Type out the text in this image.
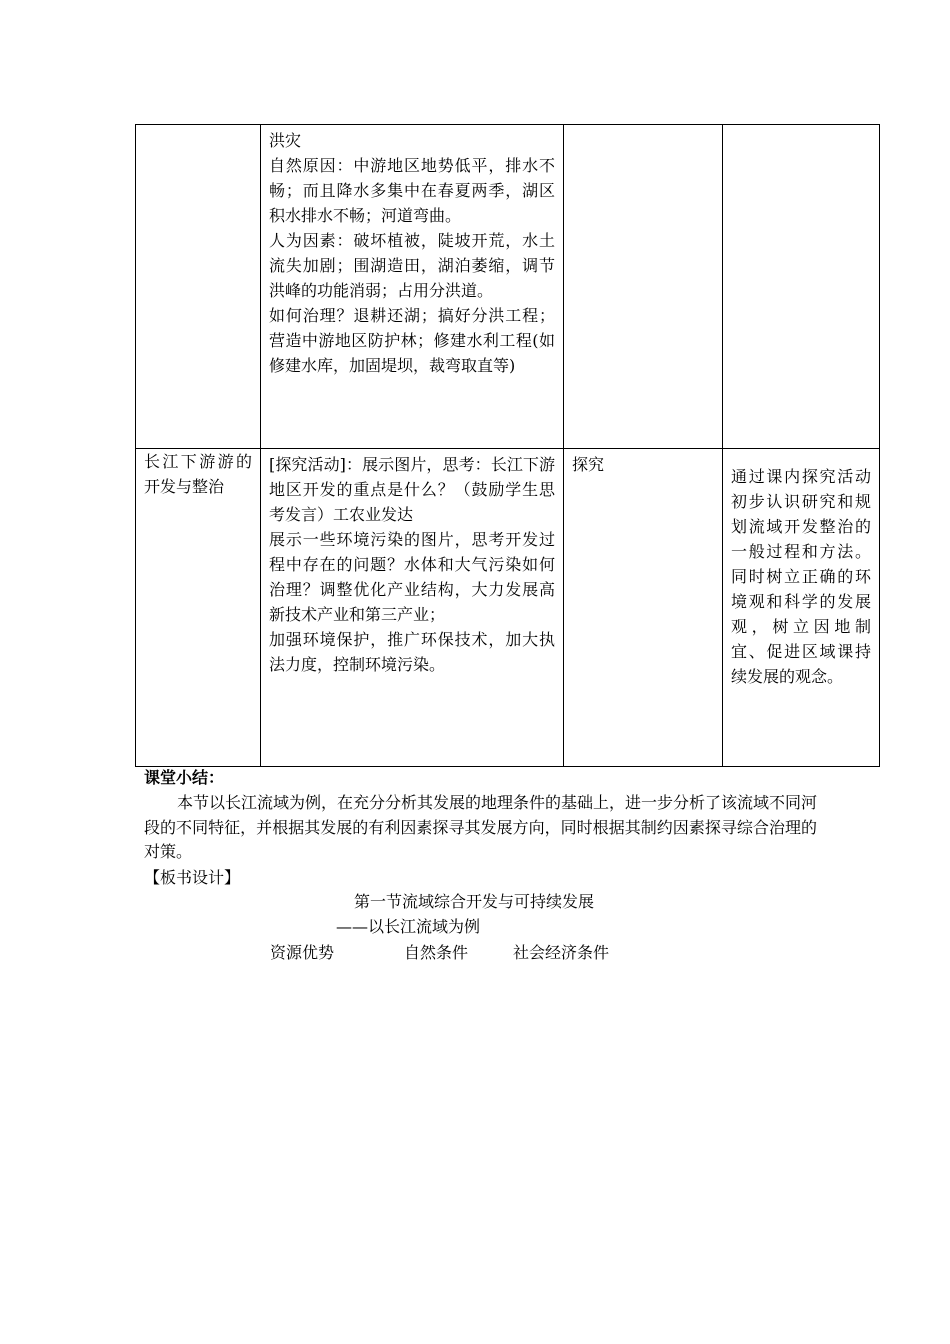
	洪灾
自然原因：中游地区地势低平，排水不畅；而且降水多集中在春夏两季，湖区积水排水不畅；河道弯曲。
人为因素：破坏植被，陡坡开荒，水土流失加剧；围湖造田，湖泊萎缩，调节洪峰的功能消弱；占用分洪道。
如何治理？退耕还湖；搞好分洪工程；营造中游地区防护林；修建水利工程(如修建水库，加固堤坝，裁弯取直等)		

长江下游游的开发与整治	[探究活动]：展示图片，思考：长江下游地区开发的重点是什么？（鼓励学生思考发言）工农业发达
展示一些环境污染的图片，思考开发过程中存在的问题？水体和大气污染如何治理？调整优化产业结构，大力发展高新技术产业和第三产业；
加强环境保护，推广环保技术，加大执法力度，控制环境污染。	探究	通过课内探究活动初步认识研究和规划流域开发整治的一般过程和方法。同时树立正确的环境观和科学的发展观，树立因地制宜、促进区域课持续发展的观念。

课堂小结：

本节以长江流域为例，在充分分析其发展的地理条件的基础上，进一步分析了该流域不同河段的不同特征，并根据其发展的有利因素探寻其发展方向，同时根据其制约因素探寻综合治理的对策。

【板书设计】
第一节流域综合开发与可持续发展
——以长江流域为例
资源优势	自然条件	社会经济条件
